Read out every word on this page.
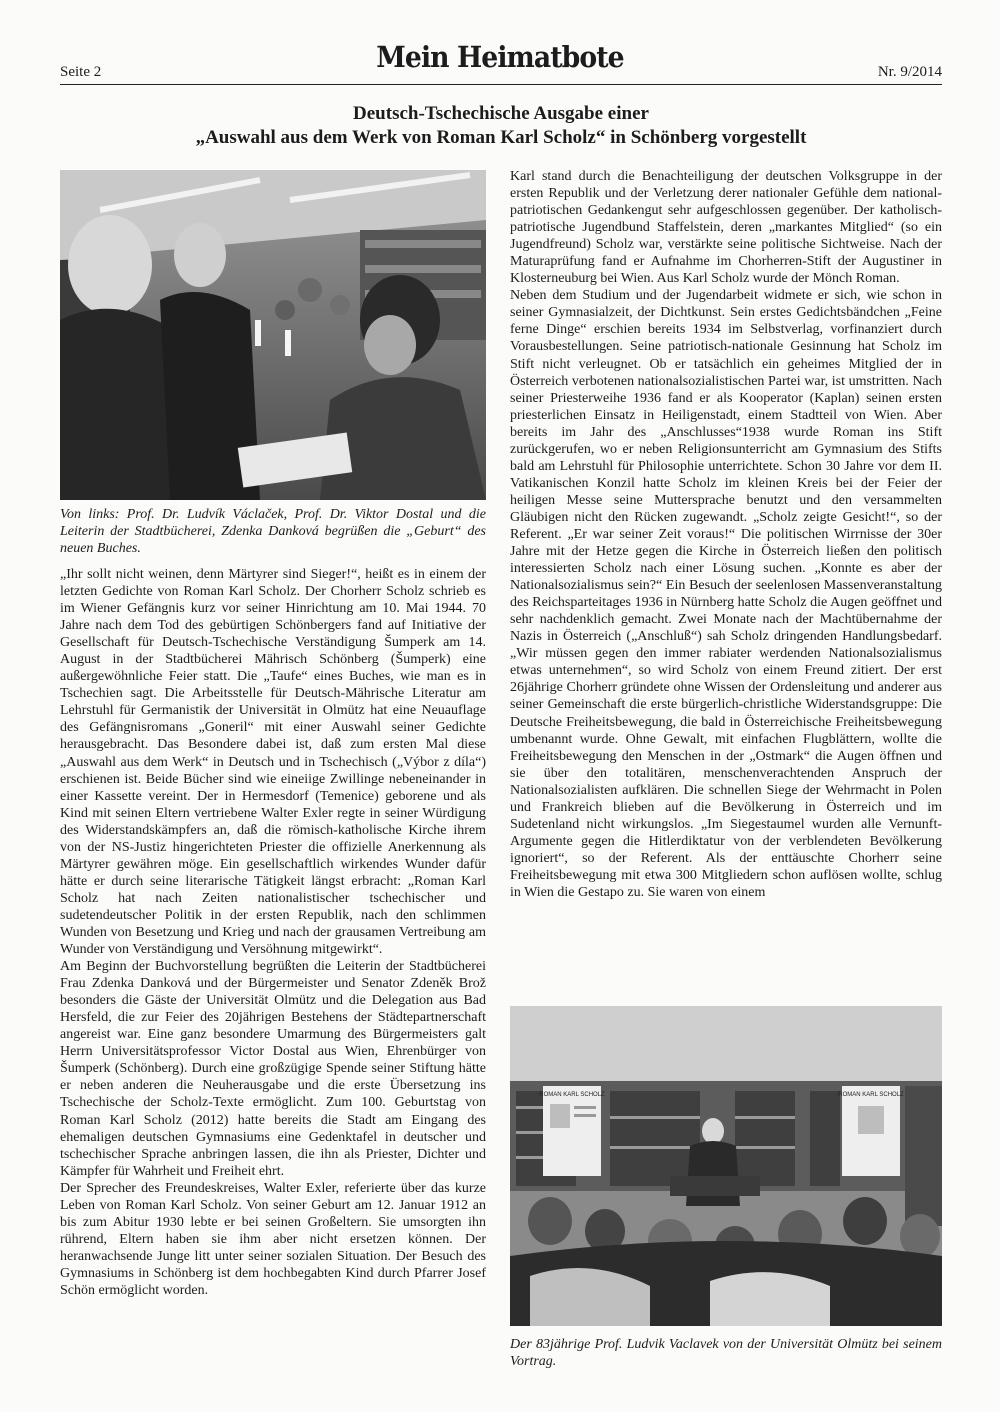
Seite 2	Mein Heimatbote	Nr. 9/2014
Deutsch-Tschechische Ausgabe einer
„Auswahl aus dem Werk von Roman Karl Scholz“ in Schönberg vorgestellt
Von links: Prof. Dr. Ludvík Václaček, Prof. Dr. Viktor Dostal und die Leiterin der Stadtbücherei, Zdenka Danková begrüßen die „Geburt“ des neuen Buches.

„Ihr sollt nicht weinen, denn Märtyrer sind Sieger!“, heißt es in einem der letzten Gedichte von Roman Karl Scholz. Der Chorherr Scholz schrieb es im Wiener Gefängnis kurz vor seiner Hinrichtung am 10. Mai 1944. 70 Jahre nach dem Tod des gebürtigen Schönbergers fand auf Initiative der Gesellschaft für Deutsch-Tschechische Verständigung Šumperk am 14. August in der Stadtbücherei Mährisch Schönberg (Šumperk) eine außergewöhnliche Feier statt. Die „Taufe“ eines Buches, wie man es in Tschechien sagt. Die Arbeitsstelle für Deutsch-Mährische Literatur am Lehrstuhl für Germanistik der Universität in Olmütz hat eine Neuauflage des Gefängnisromans „Goneril“ mit einer Auswahl seiner Gedichte herausgebracht. Das Besondere dabei ist, daß zum ersten Mal diese „Auswahl aus dem Werk“ in Deutsch und in Tschechisch („Výbor z díla“) erschienen ist. Beide Bücher sind wie eineiige Zwillinge nebeneinander in einer Kassette vereint. Der in Hermesdorf (Temenice) geborene und als Kind mit seinen Eltern vertriebene Walter Exler regte in seiner Würdigung des Widerstandskämpfers an, daß die römisch-katholische Kirche ihrem von der NS-Justiz hingerichteten Priester die offizielle Anerkennung als Märtyrer gewähren möge. Ein gesellschaftlich wirkendes Wunder dafür hätte er durch seine literarische Tätigkeit längst erbracht: „Roman Karl Scholz hat nach Zeiten nationalistischer tschechischer und sudetendeutscher Politik in der ersten Republik, nach den schlimmen Wunden von Besetzung und Krieg und nach der grausamen Vertreibung am Wunder von Verständigung und Versöhnung mitgewirkt“.

Am Beginn der Buchvorstellung begrüßten die Leiterin der Stadtbücherei Frau Zdenka Danková und der Bürgermeister und Senator Zdeněk Brož besonders die Gäste der Universität Olmütz und die Delegation aus Bad Hersfeld, die zur Feier des 20jährigen Bestehens der Städtepartnerschaft angereist war. Eine ganz besondere Umarmung des Bürgermeisters galt Herrn Universitätsprofessor Victor Dostal aus Wien, Ehrenbürger von Šumperk (Schönberg). Durch eine großzügige Spende seiner Stiftung hätte er neben anderen die Neuherausgabe und die erste Übersetzung ins Tschechische der Scholz-Texte ermöglicht. Zum 100. Geburtstag von Roman Karl Scholz (2012) hatte bereits die Stadt am Eingang des ehemaligen deutschen Gymnasiums eine Gedenktafel in deutscher und tschechischer Sprache anbringen lassen, die ihn als Priester, Dichter und Kämpfer für Wahrheit und Freiheit ehrt.

Der Sprecher des Freundeskreises, Walter Exler, referierte über das kurze Leben von Roman Karl Scholz. Von seiner Geburt am 12. Januar 1912 an bis zum Abitur 1930 lebte er bei seinen Großeltern. Sie umsorgten ihn rührend, Eltern haben sie ihm aber nicht ersetzen können. Der heranwachsende Junge litt unter seiner sozialen Situation. Der Besuch des Gymnasiums in Schönberg ist dem hochbegabten Kind durch Pfarrer Josef Schön ermöglicht worden.

Karl stand durch die Benachteiligung der deutschen Volksgruppe in der ersten Republik und der Verletzung derer nationaler Gefühle dem national-patriotischen Gedankengut sehr aufgeschlossen gegenüber. Der katholisch-patriotische Jugendbund Staffelstein, deren „markantes Mitglied“ (so ein Jugendfreund) Scholz war, verstärkte seine politische Sichtweise. Nach der Maturaprüfung fand er Aufnahme im Chorherren-Stift der Augustiner in Klosterneuburg bei Wien. Aus Karl Scholz wurde der Mönch Roman.

Neben dem Studium und der Jugendarbeit widmete er sich, wie schon in seiner Gymnasialzeit, der Dichtkunst. Sein erstes Gedichtsbändchen „Feine ferne Dinge“ erschien bereits 1934 im Selbstverlag, vorfinanziert durch Vorausbestellungen. Seine patriotisch-nationale Gesinnung hat Scholz im Stift nicht verleugnet. Ob er tatsächlich ein geheimes Mitglied der in Österreich verbotenen nationalsozialistischen Partei war, ist umstritten. Nach seiner Priesterweihe 1936 fand er als Kooperator (Kaplan) seinen ersten priesterlichen Einsatz in Heiligenstadt, einem Stadtteil von Wien. Aber bereits im Jahr des „Anschlusses“1938 wurde Roman ins Stift zurückgerufen, wo er neben Religionsunterricht am Gymnasium des Stifts bald am Lehrstuhl für Philosophie unterrichtete. Schon 30 Jahre vor dem II. Vatikanischen Konzil hatte Scholz im kleinen Kreis bei der Feier der heiligen Messe seine Muttersprache benutzt und den versammelten Gläubigen nicht den Rücken zugewandt. „Scholz zeigte Gesicht!“, so der Referent. „Er war seiner Zeit voraus!“ Die politischen Wirrnisse der 30er Jahre mit der Hetze gegen die Kirche in Österreich ließen den politisch interessierten Scholz nach einer Lösung suchen. „Konnte es aber der Nationalsozialismus sein?“ Ein Besuch der seelenlosen Massenveranstaltung des Reichsparteitages 1936 in Nürnberg hatte Scholz die Augen geöffnet und sehr nachdenklich gemacht. Zwei Monate nach der Machtübernahme der Nazis in Österreich („Anschluß“) sah Scholz dringenden Handlungsbedarf. „Wir müssen gegen den immer rabiater werdenden Nationalsozialismus etwas unternehmen“, so wird Scholz von einem Freund zitiert. Der erst 26jährige Chorherr gründete ohne Wissen der Ordensleitung und anderer aus seiner Gemeinschaft die erste bürgerlich-christliche Widerstandsgruppe: Die Deutsche Freiheitsbewegung, die bald in Österreichische Freiheitsbewegung umbenannt wurde. Ohne Gewalt, mit einfachen Flugblättern, wollte die Freiheitsbewegung den Menschen in der „Ostmark“ die Augen öffnen und sie über den totalitären, menschenverachtenden Anspruch der Nationalsozialisten aufklären. Die schnellen Siege der Wehrmacht in Polen und Frankreich blieben auf die Bevölkerung in Österreich und im Sudetenland nicht wirkungslos. „Im Siegestaumel wurden alle Vernunft-Argumente gegen die Hitlerdiktatur von der verblendeten Bevölkerung ignoriert“, so der Referent. Als der enttäuschte Chorherr seine Freiheitsbewegung mit etwa 300 Mitgliedern schon auflösen wollte, schlug in Wien die Gestapo zu. Sie waren von einem

ROMAN KARL SCHOLZ	ROMAN KARL SCHOLZ
Der 83jährige Prof. Ludvik Vaclavek von der Universität Olmütz bei seinem Vortrag.
